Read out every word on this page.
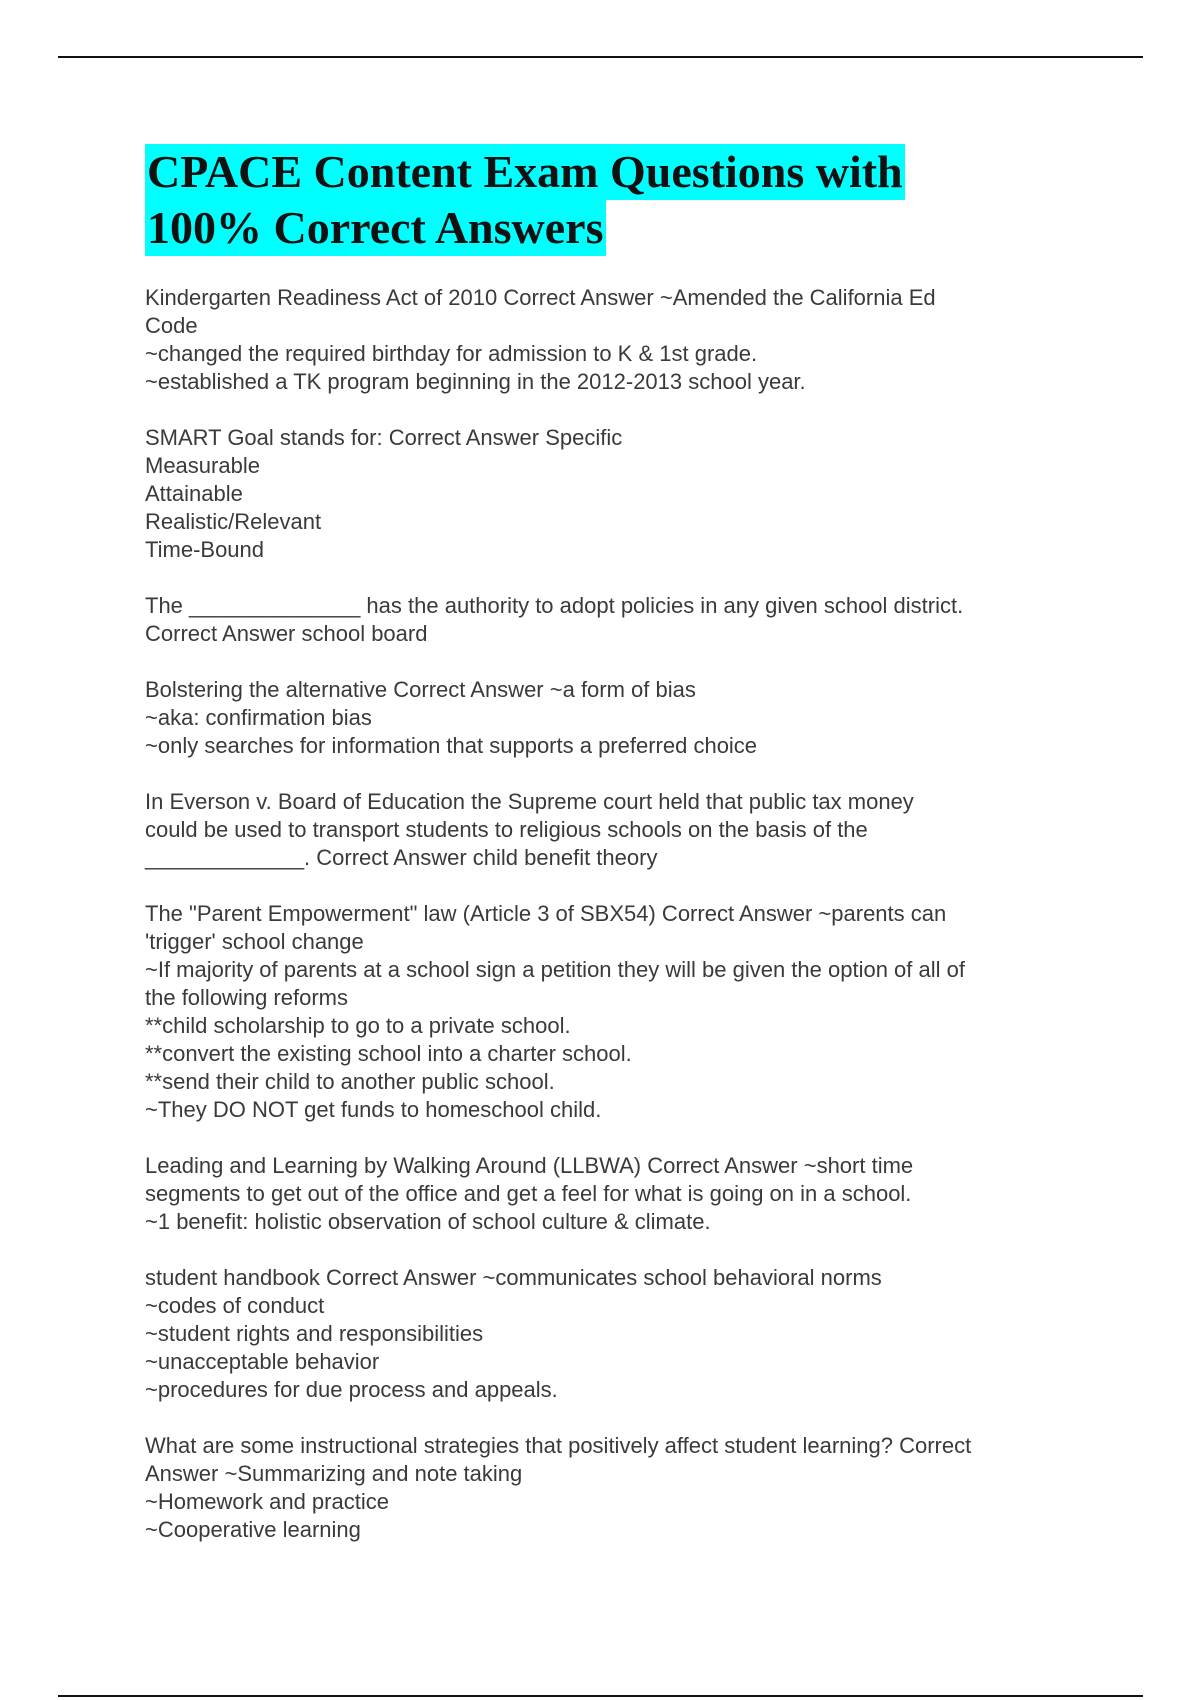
CPACE Content Exam Questions with
100% Correct Answers
Kindergarten Readiness Act of 2010 Correct Answer ~Amended the California Ed
Code
~changed the required birthday for admission to K & 1st grade.
~established a TK program beginning in the 2012-2013 school year.
SMART Goal stands for: Correct Answer Specific
Measurable
Attainable
Realistic/Relevant
Time-Bound
The ______________ has the authority to adopt policies in any given school district.
Correct Answer school board
Bolstering the alternative Correct Answer ~a form of bias
~aka: confirmation bias
~only searches for information that supports a preferred choice
In Everson v. Board of Education the Supreme court held that public tax money
could be used to transport students to religious schools on the basis of the
_____________. Correct Answer child benefit theory
The "Parent Empowerment" law (Article 3 of SBX54) Correct Answer ~parents can
'trigger' school change
~If majority of parents at a school sign a petition they will be given the option of all of
the following reforms
**child scholarship to go to a private school.
**convert the existing school into a charter school.
**send their child to another public school.
~They DO NOT get funds to homeschool child.
Leading and Learning by Walking Around (LLBWA) Correct Answer ~short time
segments to get out of the office and get a feel for what is going on in a school.
~1 benefit: holistic observation of school culture & climate.
student handbook Correct Answer ~communicates school behavioral norms
~codes of conduct
~student rights and responsibilities
~unacceptable behavior
~procedures for due process and appeals.
What are some instructional strategies that positively affect student learning? Correct
Answer ~Summarizing and note taking
~Homework and practice
~Cooperative learning
